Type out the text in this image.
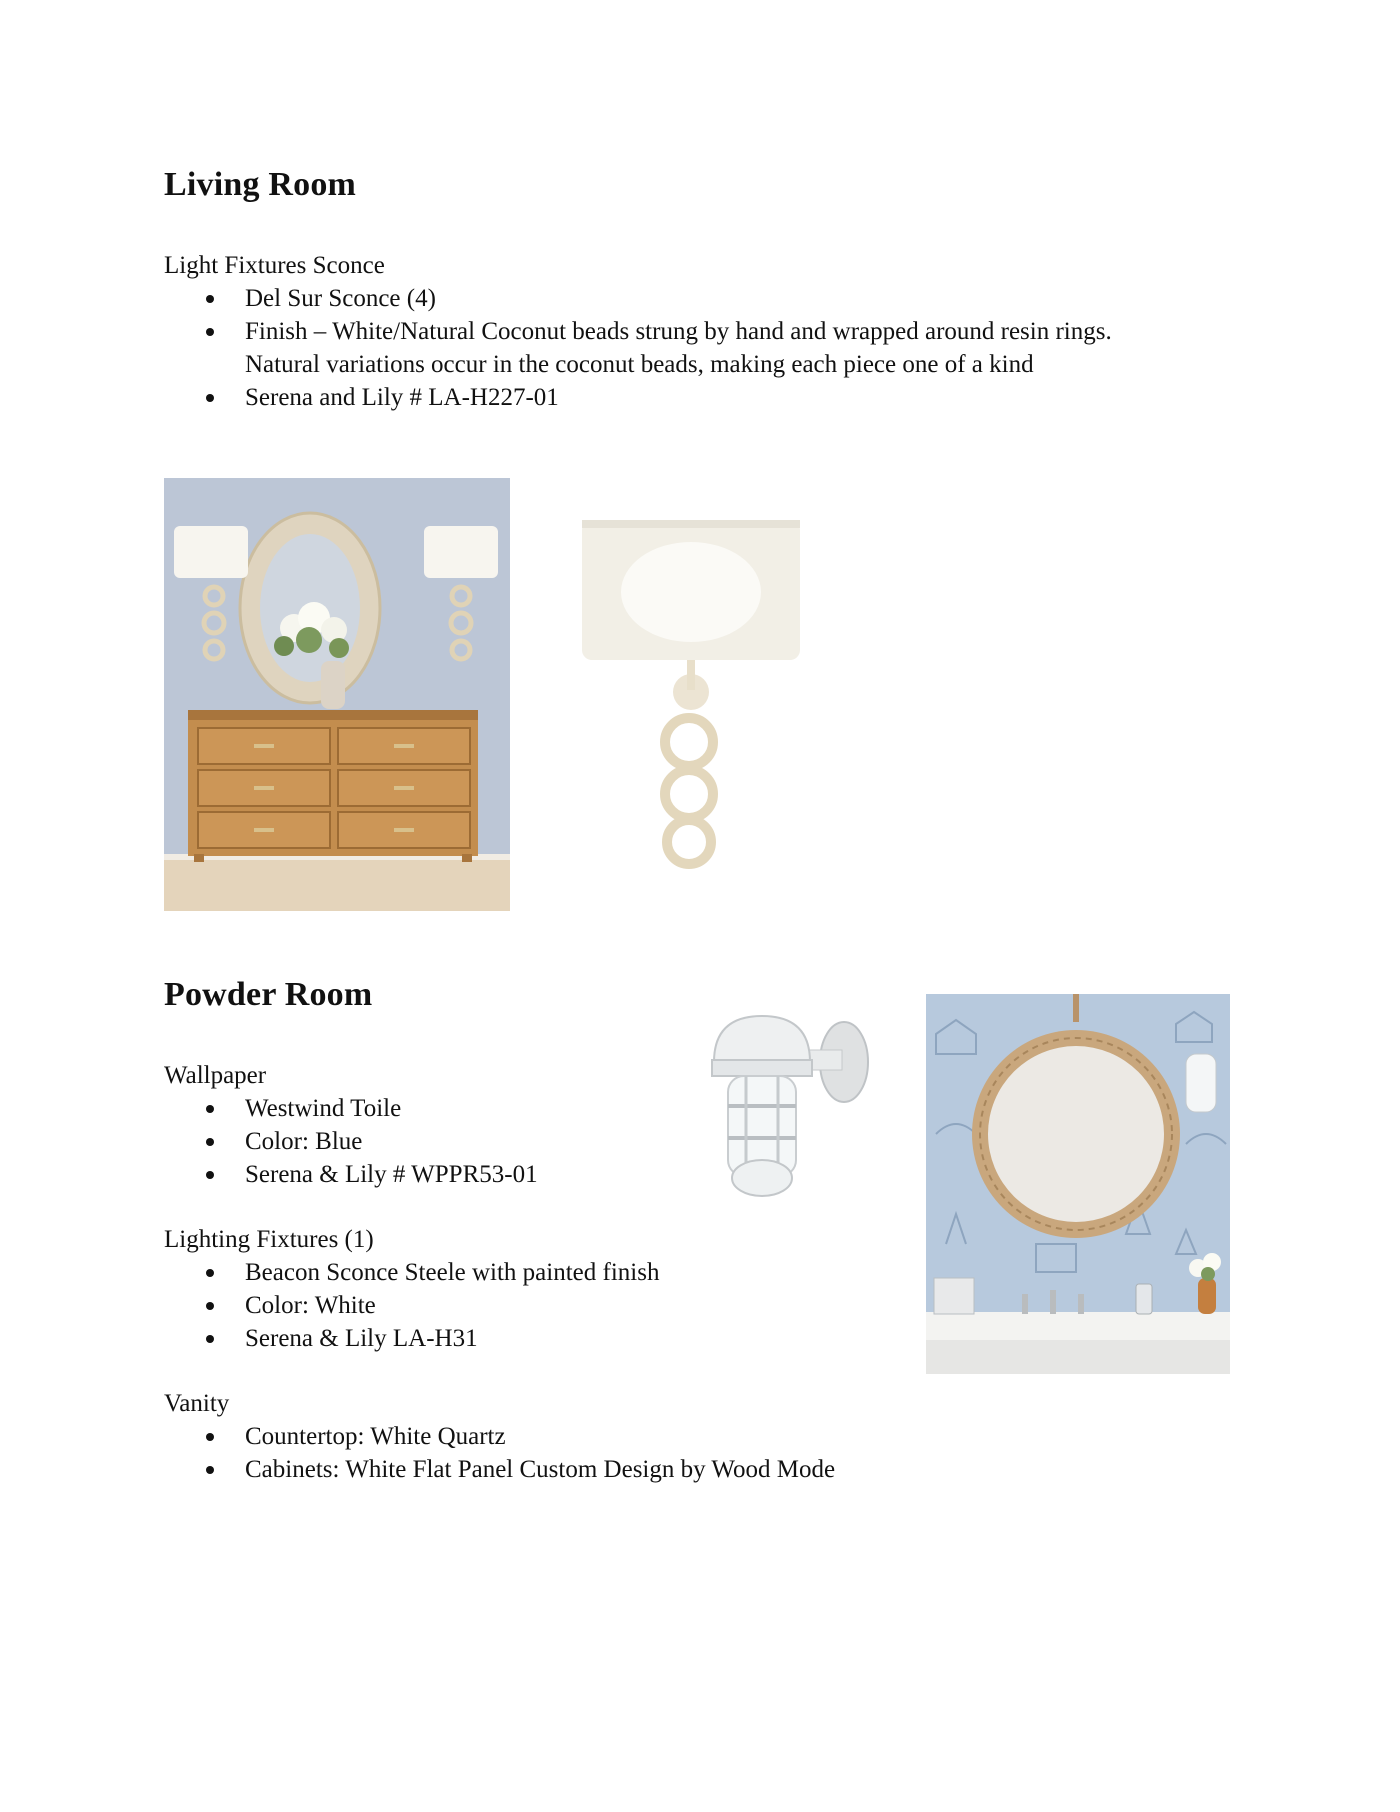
Living Room
Light Fixtures Sconce
Del Sur Sconce (4)
Finish – White/Natural Coconut beads strung by hand and wrapped around resin rings.
Natural variations occur in the coconut beads, making each piece one of a kind
Serena and Lily # LA-H227-01
Powder Room
Wallpaper
Westwind Toile
Color: Blue
Serena & Lily # WPPR53-01
Lighting Fixtures (1)
Beacon Sconce Steele with painted finish
Color: White
Serena & Lily LA-H31
Vanity
Countertop: White Quartz
Cabinets: White Flat Panel Custom Design by Wood Mode
